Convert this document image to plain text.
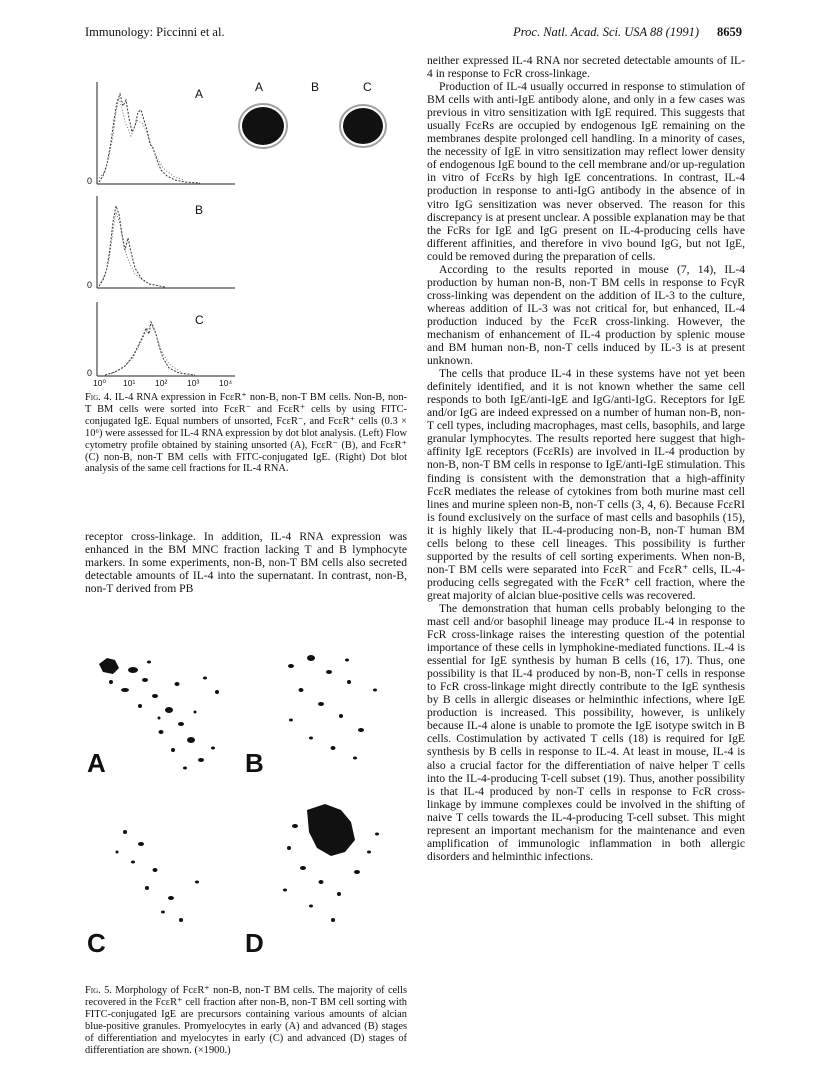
Immunology: Piccinni et al.	Proc. Natl. Acad. Sci. USA 88 (1991) 8659
A
B
C
A	B	C
0
0
0
10⁰ 10¹ 10² 10³ 10⁴
Fig. 4. IL-4 RNA expression in FcεR⁺ non-B, non-T BM cells. Non-B, non-T BM cells were sorted into FcεR⁻ and FcεR⁺ cells by using FITC-conjugated IgE. Equal numbers of unsorted, FcεR⁻, and FcεR⁺ cells (0.3 × 10⁶) were assessed for IL-4 RNA expression by dot blot analysis. (Left) Flow cytometry profile obtained by staining unsorted (A), FcεR⁻ (B), and FcεR⁺ (C) non-B, non-T BM cells with FITC-conjugated IgE. (Right) Dot blot analysis of the same cell fractions for IL-4 RNA.

receptor cross-linkage. In addition, IL-4 RNA expression was enhanced in the BM MNC fraction lacking T and B lymphocyte markers. In some experiments, non-B, non-T BM cells also secreted detectable amounts of IL-4 into the supernatant. In contrast, non-B, non-T derived from PB

A	B
C	D
Fig. 5. Morphology of FcεR⁺ non-B, non-T BM cells. The majority of cells recovered in the FcεR⁺ cell fraction after non-B, non-T BM cell sorting with FITC-conjugated IgE are precursors containing various amounts of alcian blue-positive granules. Promyelocytes in early (A) and advanced (B) stages of differentiation and myelocytes in early (C) and advanced (D) stages of differentiation are shown. (×1900.)

neither expressed IL-4 RNA nor secreted detectable amounts of IL-4 in response to FcR cross-linkage.

Production of IL-4 usually occurred in response to stimulation of BM cells with anti-IgE antibody alone, and only in a few cases was previous in vitro sensitization with IgE required. This suggests that usually FcεRs are occupied by endogenous IgE remaining on the membranes despite prolonged cell handling. In a minority of cases, the necessity of IgE in vitro sensitization may reflect lower density of endogenous IgE bound to the cell membrane and/or up-regulation in vitro of FcεRs by high IgE concentrations. In contrast, IL-4 production in response to anti-IgG antibody in the absence of in vitro IgG sensitization was never observed. The reason for this discrepancy is at present unclear. A possible explanation may be that the FcRs for IgE and IgG present on IL-4-producing cells have different affinities, and therefore in vivo bound IgG, but not IgE, could be removed during the preparation of cells.

According to the results reported in mouse (7, 14), IL-4 production by human non-B, non-T BM cells in response to FcγR cross-linking was dependent on the addition of IL-3 to the culture, whereas addition of IL-3 was not critical for, but enhanced, IL-4 production induced by the FcεR cross-linking. However, the mechanism of enhancement of IL-4 production by splenic mouse and BM human non-B, non-T cells induced by IL-3 is at present unknown.

The cells that produce IL-4 in these systems have not yet been definitely identified, and it is not known whether the same cell responds to both IgE/anti-IgE and IgG/anti-IgG. Receptors for IgE and/or IgG are indeed expressed on a number of human non-B, non-T cell types, including macrophages, mast cells, basophils, and large granular lymphocytes. The results reported here suggest that high-affinity IgE receptors (FcεRIs) are involved in IL-4 production by non-B, non-T BM cells in response to IgE/anti-IgE stimulation. This finding is consistent with the demonstration that a high-affinity FcεR mediates the release of cytokines from both murine mast cell lines and murine spleen non-B, non-T cells (3, 4, 6). Because FcεRI is found exclusively on the surface of mast cells and basophils (15), it is highly likely that IL-4-producing non-B, non-T human BM cells belong to these cell lineages. This possibility is further supported by the results of cell sorting experiments. When non-B, non-T BM cells were separated into FcεR⁻ and FcεR⁺ cells, IL-4-producing cells segregated with the FcεR⁺ cell fraction, where the great majority of alcian blue-positive cells was recovered.

The demonstration that human cells probably belonging to the mast cell and/or basophil lineage may produce IL-4 in response to FcR cross-linkage raises the interesting question of the potential importance of these cells in lymphokine-mediated functions. IL-4 is essential for IgE synthesis by human B cells (16, 17). Thus, one possibility is that IL-4 produced by non-B, non-T cells in response to FcR cross-linkage might directly contribute to the IgE synthesis by B cells in allergic diseases or helminthic infections, where IgE production is increased. This possibility, however, is unlikely because IL-4 alone is unable to promote the IgE isotype switch in B cells. Costimulation by activated T cells (18) is required for IgE synthesis by B cells in response to IL-4. At least in mouse, IL-4 is also a crucial factor for the differentiation of naive helper T cells into the IL-4-producing T-cell subset (19). Thus, another possibility is that IL-4 produced by non-T cells in response to FcR cross-linkage by immune complexes could be involved in the shifting of naive T cells towards the IL-4-producing T-cell subset. This might represent an important mechanism for the maintenance and even amplification of immunologic inflammation in both allergic disorders and helminthic infections.
